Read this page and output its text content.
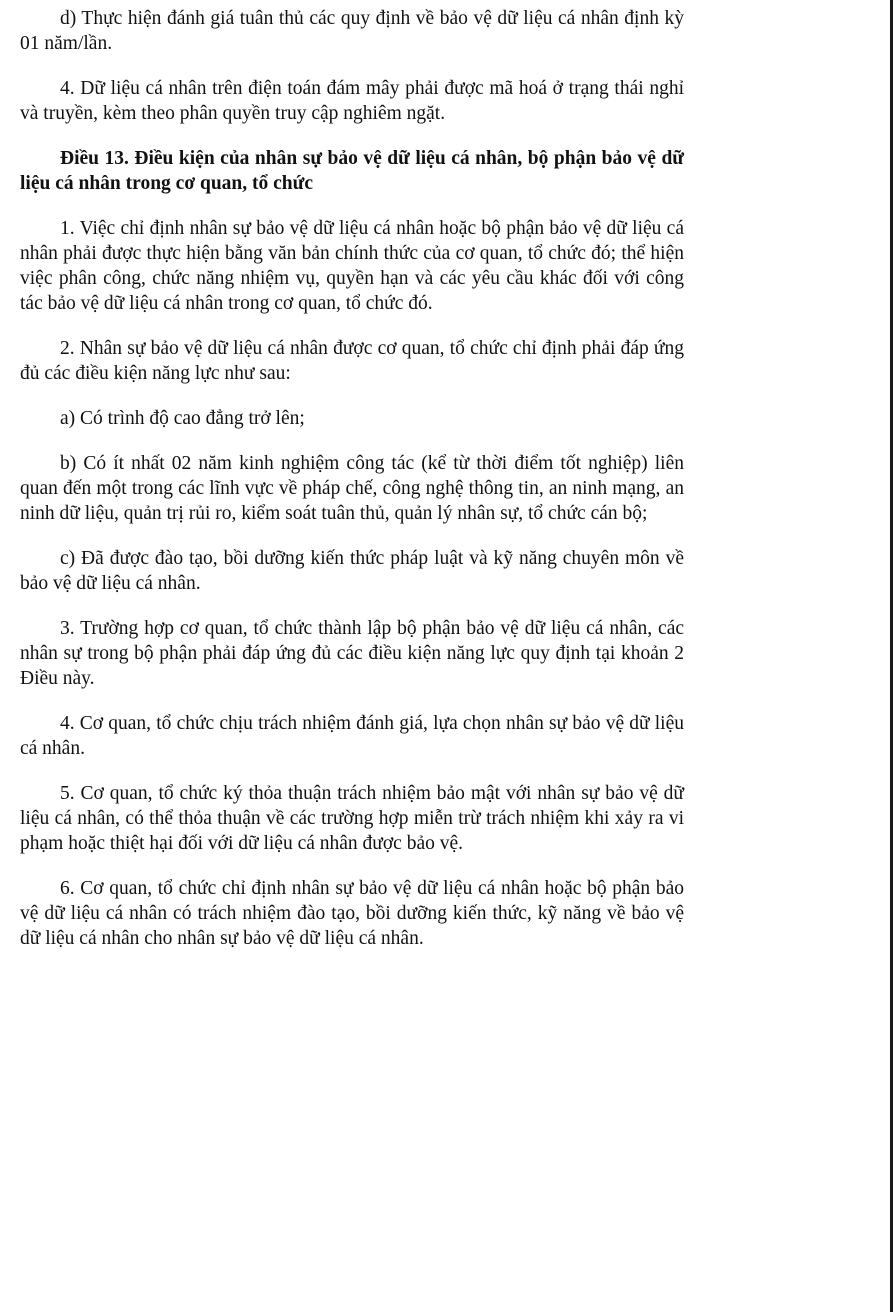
d) Thực hiện đánh giá tuân thủ các quy định về bảo vệ dữ liệu cá nhân định kỳ 01 năm/lần.

4. Dữ liệu cá nhân trên điện toán đám mây phải được mã hoá ở trạng thái nghỉ và truyền, kèm theo phân quyền truy cập nghiêm ngặt.

Điều 13. Điều kiện của nhân sự bảo vệ dữ liệu cá nhân, bộ phận bảo vệ dữ liệu cá nhân trong cơ quan, tổ chức

1. Việc chỉ định nhân sự bảo vệ dữ liệu cá nhân hoặc bộ phận bảo vệ dữ liệu cá nhân phải được thực hiện bằng văn bản chính thức của cơ quan, tổ chức đó; thể hiện việc phân công, chức năng nhiệm vụ, quyền hạn và các yêu cầu khác đối với công tác bảo vệ dữ liệu cá nhân trong cơ quan, tổ chức đó.

2. Nhân sự bảo vệ dữ liệu cá nhân được cơ quan, tổ chức chỉ định phải đáp ứng đủ các điều kiện năng lực như sau:

a) Có trình độ cao đẳng trở lên;

b) Có ít nhất 02 năm kinh nghiệm công tác (kể từ thời điểm tốt nghiệp) liên quan đến một trong các lĩnh vực về pháp chế, công nghệ thông tin, an ninh mạng, an ninh dữ liệu, quản trị rủi ro, kiểm soát tuân thủ, quản lý nhân sự, tổ chức cán bộ;

c) Đã được đào tạo, bồi dưỡng kiến thức pháp luật và kỹ năng chuyên môn về bảo vệ dữ liệu cá nhân.

3. Trường hợp cơ quan, tổ chức thành lập bộ phận bảo vệ dữ liệu cá nhân, các nhân sự trong bộ phận phải đáp ứng đủ các điều kiện năng lực quy định tại khoản 2 Điều này.

4. Cơ quan, tổ chức chịu trách nhiệm đánh giá, lựa chọn nhân sự bảo vệ dữ liệu cá nhân.

5. Cơ quan, tổ chức ký thỏa thuận trách nhiệm bảo mật với nhân sự bảo vệ dữ liệu cá nhân, có thể thỏa thuận về các trường hợp miễn trừ trách nhiệm khi xảy ra vi phạm hoặc thiệt hại đối với dữ liệu cá nhân được bảo vệ.

6. Cơ quan, tổ chức chỉ định nhân sự bảo vệ dữ liệu cá nhân hoặc bộ phận bảo vệ dữ liệu cá nhân có trách nhiệm đào tạo, bồi dưỡng kiến thức, kỹ năng về bảo vệ dữ liệu cá nhân cho nhân sự bảo vệ dữ liệu cá nhân.
